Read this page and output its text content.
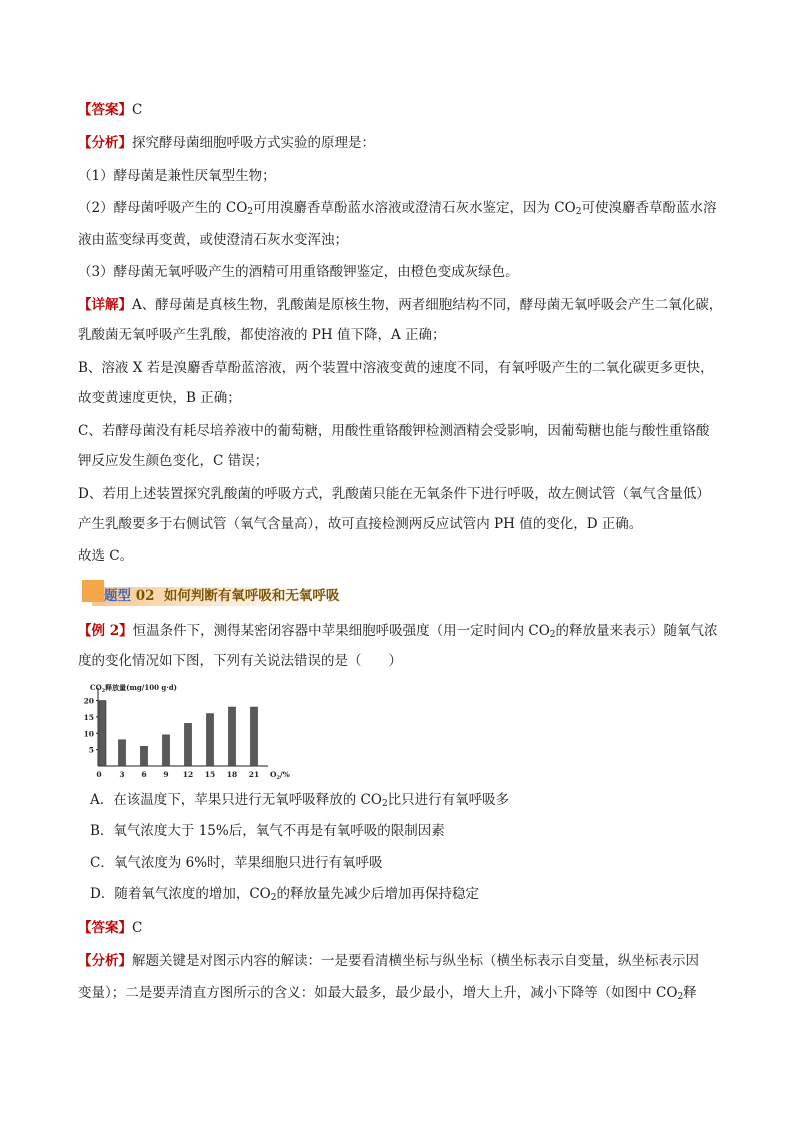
【答案】C
【分析】探究酵母菌细胞呼吸方式实验的原理是：
（1）酵母菌是兼性厌氧型生物；
（2）酵母菌呼吸产生的 $CO_2$可用溴麝香草酚蓝水溶液或澄清石灰水鉴定，因为 $CO_2$可使溴麝香草酚蓝水溶
液由蓝变绿再变黄，或使澄清石灰水变浑浊；
（3）酵母菌无氧呼吸产生的酒精可用重铬酸钾鉴定，由橙色变成灰绿色。
【详解】A、酵母菌是真核生物，乳酸菌是原核生物，两者细胞结构不同，酵母菌无氧呼吸会产生二氧化碳，
乳酸菌无氧呼吸产生乳酸，都使溶液的 PH 值下降，A 正确；
B、溶液 X 若是溴麝香草酚蓝溶液，两个装置中溶液变黄的速度不同，有氧呼吸产生的二氧化碳更多更快，
故变黄速度更快，B 正确；
C、若酵母菌没有耗尽培养液中的葡萄糖，用酸性重铬酸钾检测酒精会受影响，因葡萄糖也能与酸性重铬酸
钾反应发生颜色变化，C 错误；
D、若用上述装置探究乳酸菌的呼吸方式，乳酸菌只能在无氧条件下进行呼吸，故左侧试管（氧气含量低）
产生乳酸要多于右侧试管（氧气含量高），故可直接检测两反应试管内 PH 值的变化，D 正确。
故选 C。
题型 02 如何判断有氧呼吸和无氧呼吸
【例 2】恒温条件下，测得某密闭容器中苹果细胞呼吸强度（用一定时间内 $CO_2$的释放量来表示）随氧气浓
度的变化情况如下图，下列有关说法错误的是（　　）
5
10
15
20
0 3 6 9 12 15 18 21
$CO_2$释放量(mg/100 g·d)
$O_2/\%$
A．在该温度下，苹果只进行无氧呼吸释放的 $CO_2$比只进行有氧呼吸多
B．氧气浓度大于 15%后，氧气不再是有氧呼吸的限制因素
C．氧气浓度为 6%时，苹果细胞只进行有氧呼吸
D．随着氧气浓度的增加，$CO_2$的释放量先减少后增加再保持稳定
【答案】C
【分析】解题关键是对图示内容的解读：一是要看清横坐标与纵坐标（横坐标表示自变量，纵坐标表示因
变量）；二是要弄清直方图所示的含义：如最大最多，最少最小，增大上升，减小下降等（如图中 $CO_2$释
